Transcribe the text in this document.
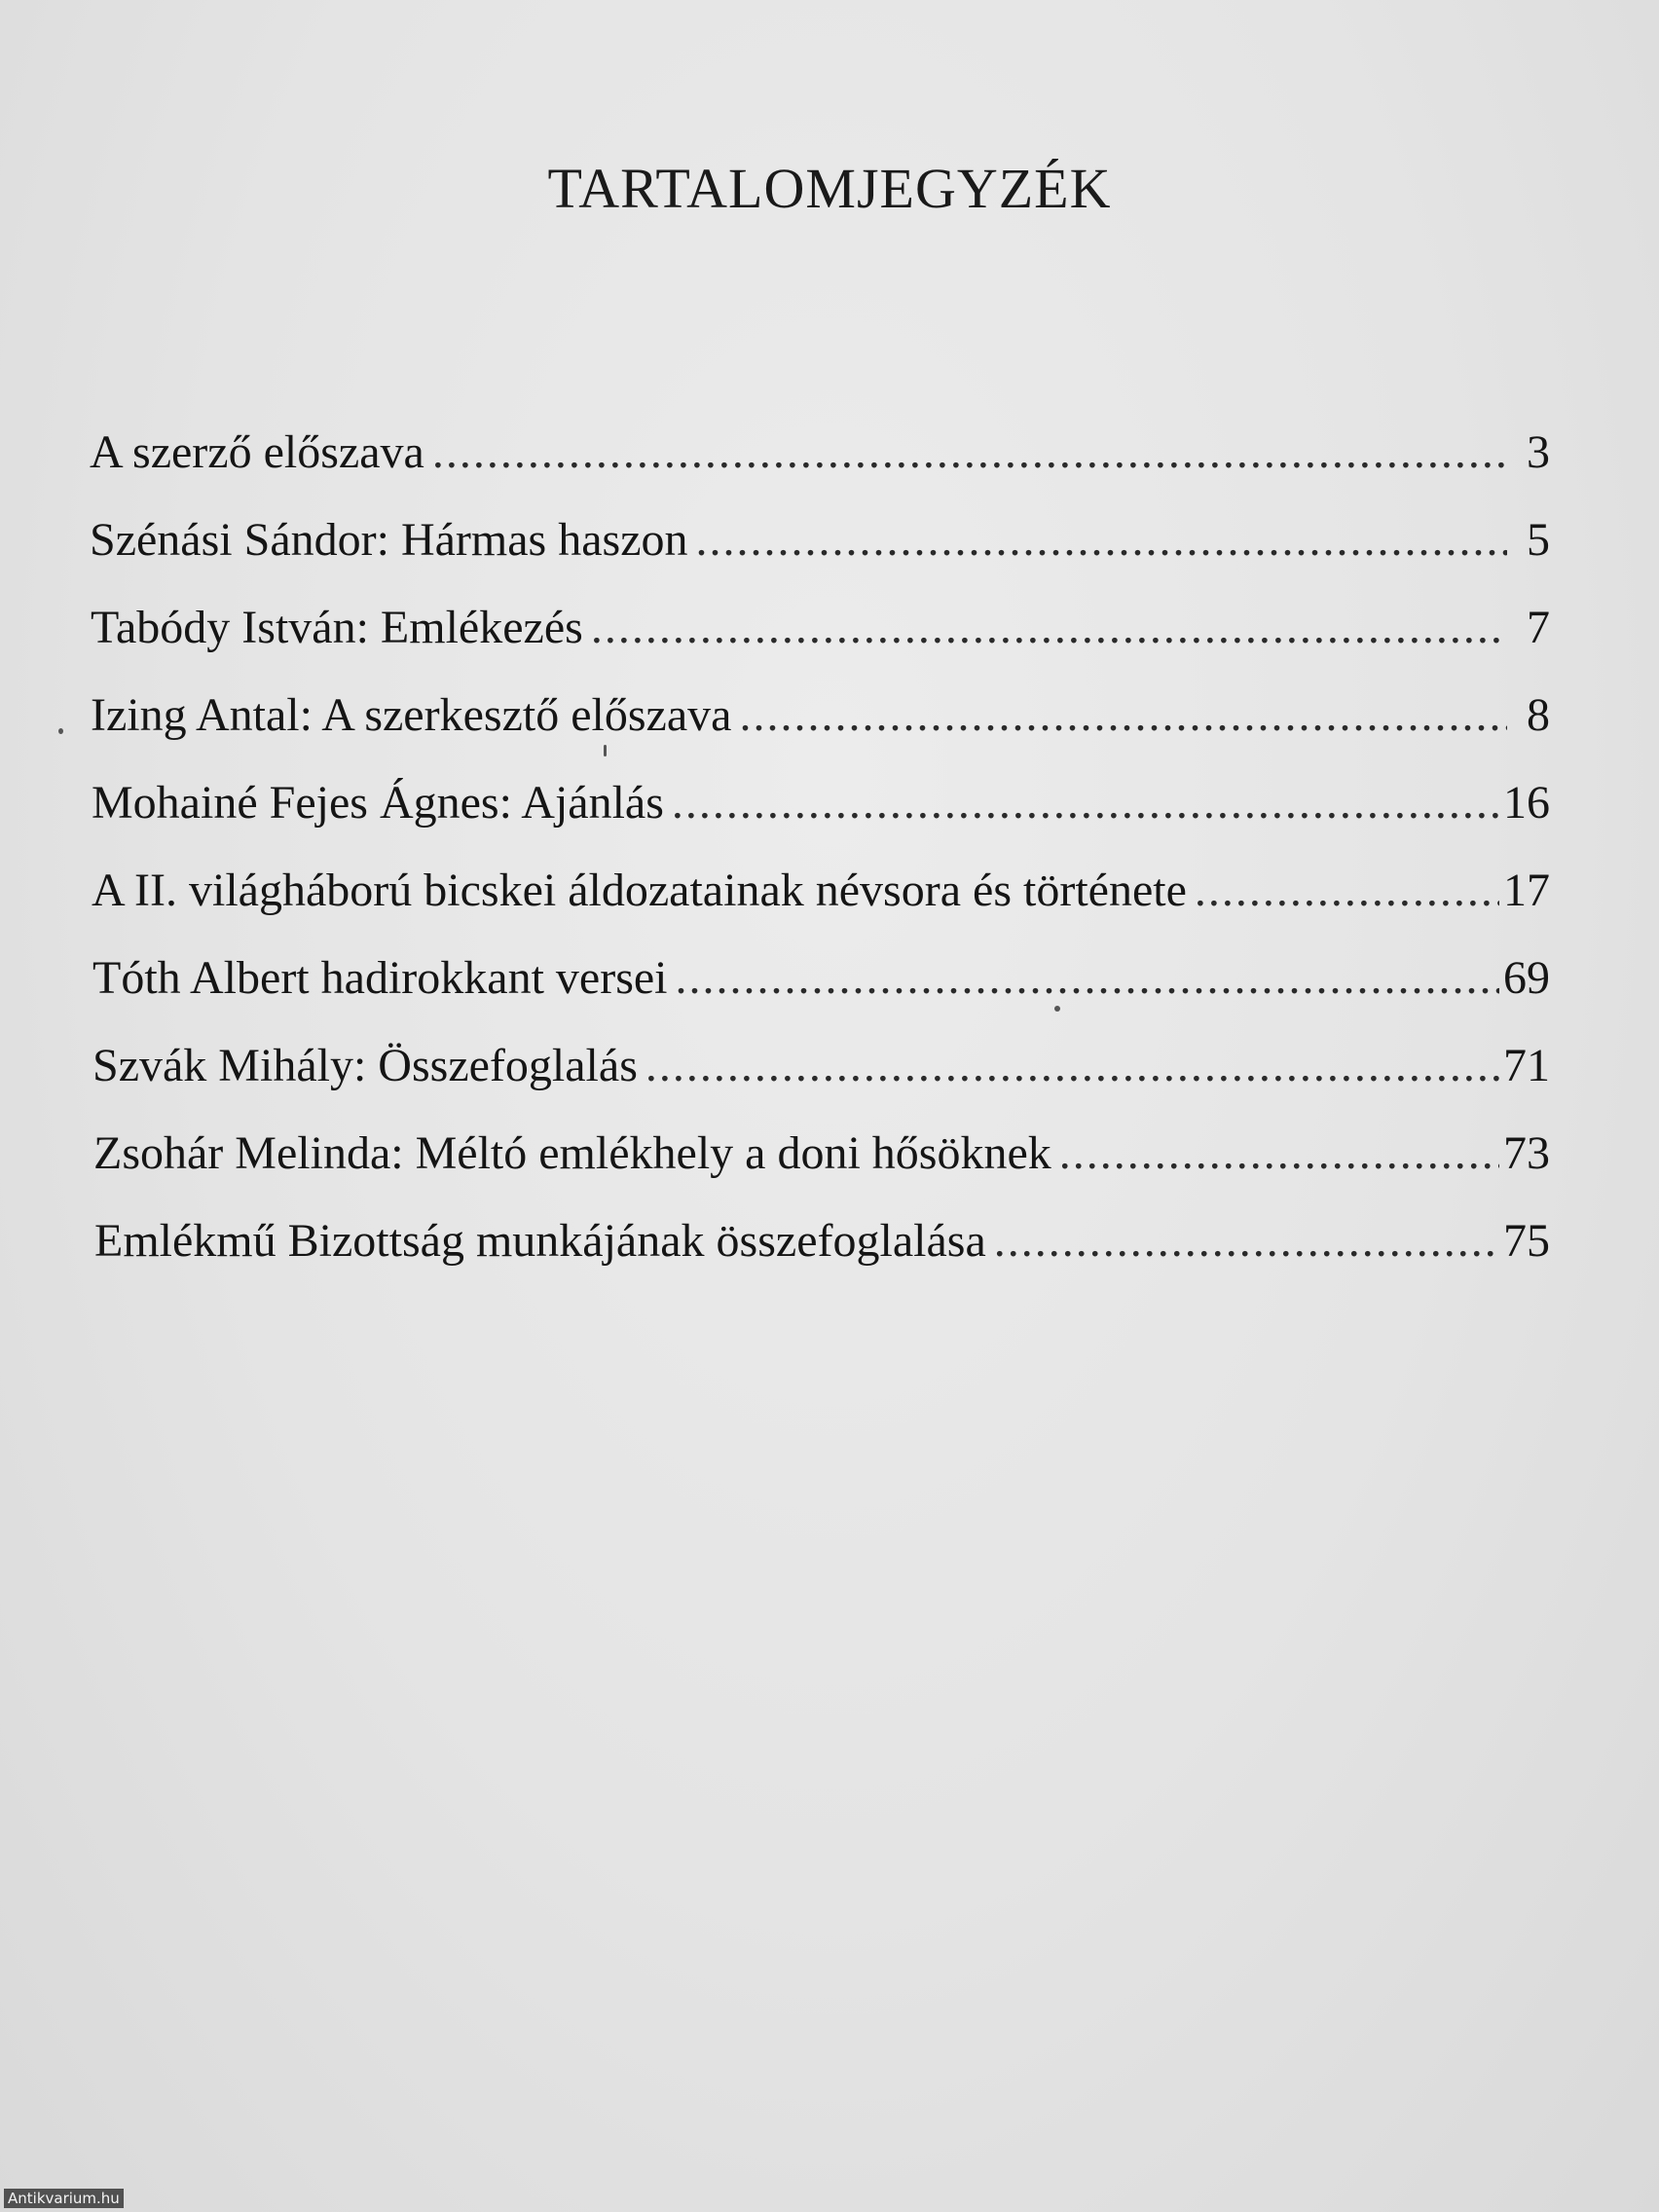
TARTALOMJEGYZÉK
A szerző előszava .....	3
Szénási Sándor: Hármas haszon .....	5
Tabódy István: Emlékezés .....	7
Izing Antal: A szerkesztő előszava .....	8
Mohainé Fejes Ágnes: Ajánlás .....	16
A II. világháború bicskei áldozatainak névsora és története .....	17
Tóth Albert hadirokkant versei .....	69
Szvák Mihály: Összefoglalás .....	71
Zsohár Melinda: Méltó emlékhely a doni hősöknek .....	73
Emlékmű Bizottság munkájának összefoglalása .....	75
Antikvarium.hu
